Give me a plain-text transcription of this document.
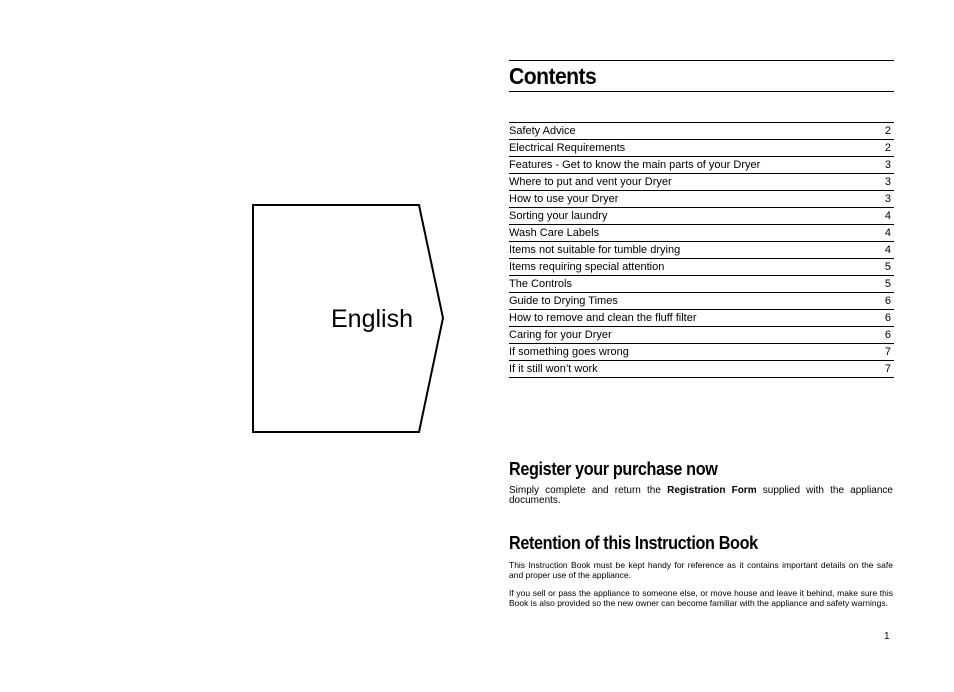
English
Contents
Safety Advice	2
Electrical Requirements	2
Features - Get to know the main parts of your Dryer	3
Where to put and vent your Dryer	3
How to use your Dryer	3
Sorting your laundry	4
Wash Care Labels	4
Items not suitable for tumble drying	4
Items requiring special attention	5
The Controls	5
Guide to Drying Times	6
How to remove and clean the fluff filter	6
Caring for your Dryer	6
If something goes wrong	7
If it still won’t work	7
Register your purchase now

Simply complete and return the Registration Form supplied with the appliance documents.

Retention of this Instruction Book

This Instruction Book must be kept handy for reference as it contains important details on the safe and proper use of the appliance.

If you sell or pass the appliance to someone else, or move house and leave it behind, make sure this Book is also provided so the new owner can become familiar with the appliance and safety warnings.

1
